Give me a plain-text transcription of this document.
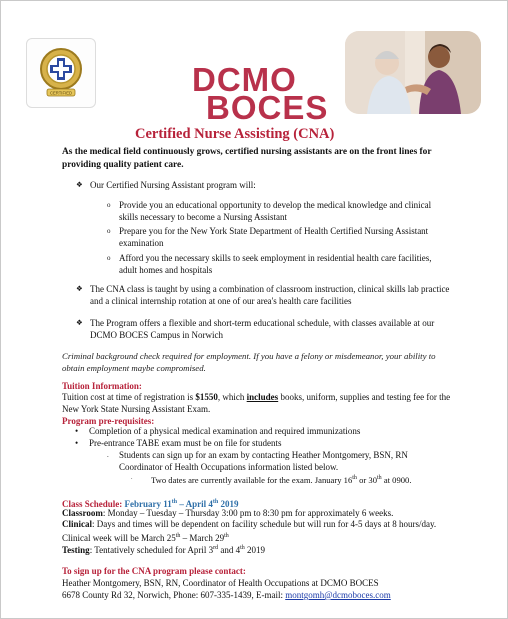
CERTIFIED	DCMO
BOCES
Certified Nurse Assisting (CNA)
As the medical field continuously grows, certified nursing assistants are on the front lines for providing quality patient care.
❖ Our Certified Nursing Assistant program will:
o Provide you an educational opportunity to develop the medical knowledge and clinical skills necessary to become a Nursing Assistant
o Prepare you for the New York State Department of Health Certified Nursing Assistant examination
o Afford you the necessary skills to seek employment in residential health care facilities, adult homes and hospitals
❖ The CNA class is taught by using a combination of classroom instruction, clinical skills lab practice and a clinical internship rotation at one of our area's health care facilities
❖ The Program offers a flexible and short-term educational schedule, with classes available at our DCMO BOCES Campus in Norwich
Criminal background check required for employment. If you have a felony or misdemeanor, your ability to obtain employment maybe compromised.
Tuition Information:
Tuition cost at time of registration is $1550, which includes books, uniform, supplies and testing fee for the New York State Nursing Assistant Exam.
Program pre-requisites:
• Completion of a physical medical examination and required immunizations
• Pre-entrance TABE exam must be on file for students
. Students can sign up for an exam by contacting Heather Montgomery, BSN, RN Coordinator of Health Occupations information listed below.
. Two dates are currently available for the exam. January 16th or 30th at 0900.
Class Schedule: February 11th – April 4th 2019
Classroom: Monday – Tuesday – Thursday 3:00 pm to 8:30 pm for approximately 6 weeks.
Clinical: Days and times will be dependent on facility schedule but will run for 4-5 days at 8 hours/day. Clinical week will be March 25th – March 29th
Testing: Tentatively scheduled for April 3rd and 4th 2019
To sign up for the CNA program please contact:
Heather Montgomery, BSN, RN, Coordinator of Health Occupations at DCMO BOCES
6678 County Rd 32, Norwich, Phone: 607-335-1439, E-mail: montgomh@dcmoboces.com
